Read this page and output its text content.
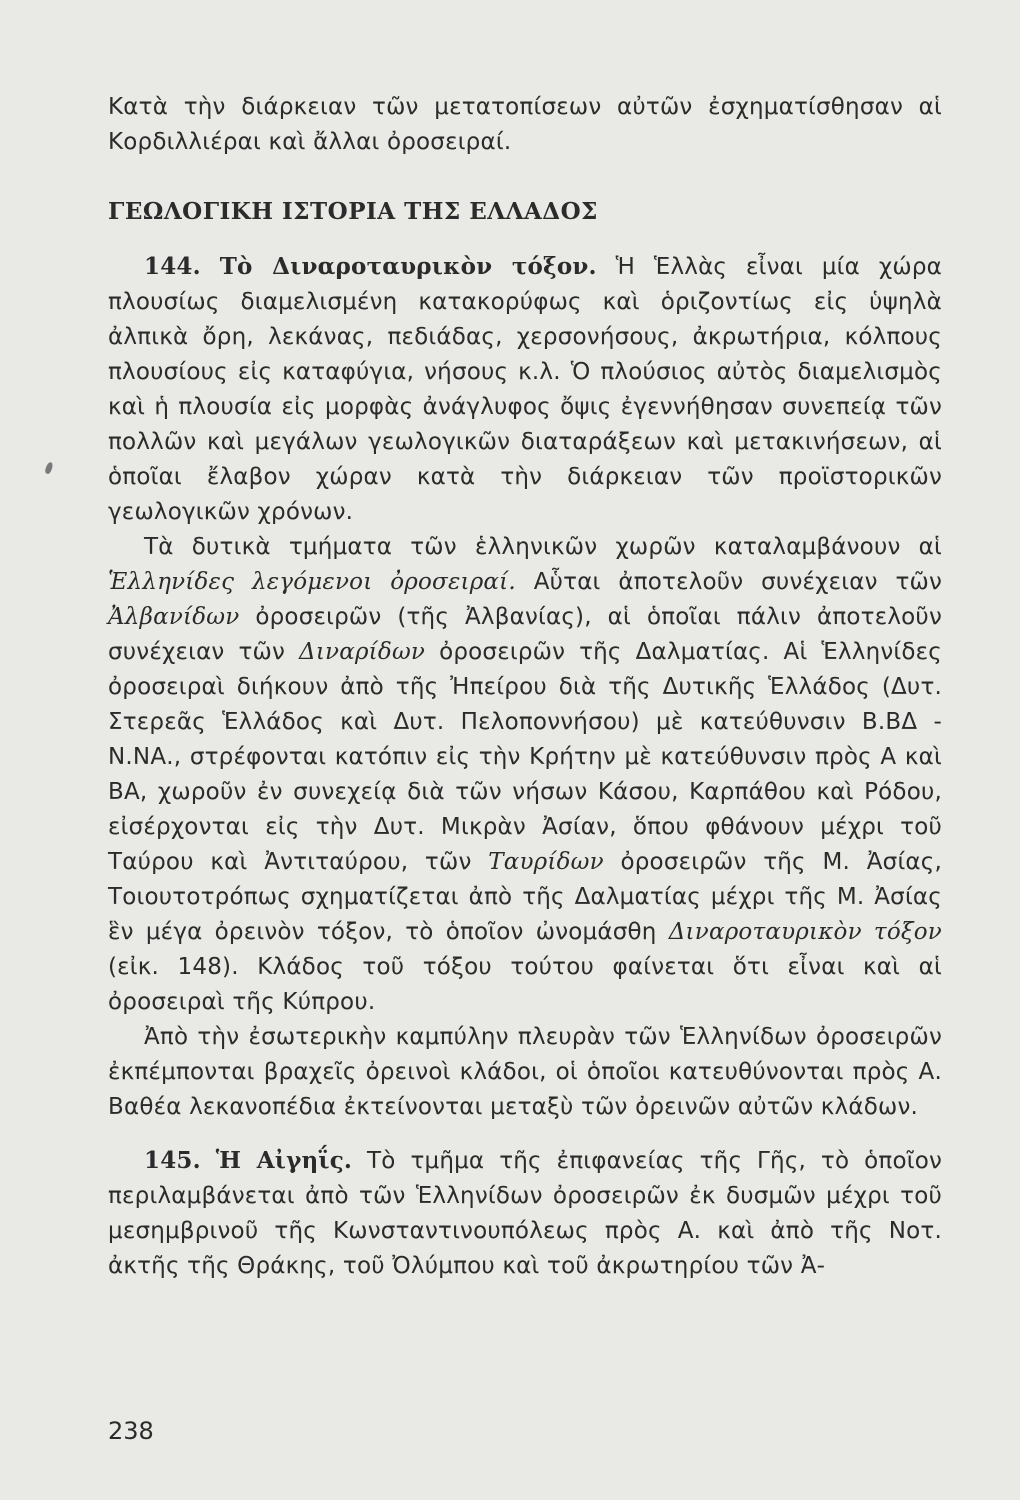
Κατὰ τὴν διάρκειαν τῶν μετατοπίσεων αὐτῶν ἐσχηματίσθησαν αἱ Κορδιλλιέραι καὶ ἄλλαι ὀροσειραί.

ΓΕΩΛΟΓΙΚΗ ΙΣΤΟΡΙΑ ΤΗΣ ΕΛΛΑΔΟΣ

144. Τὸ Διναροταυρικὸν τόξον. Ἡ Ἑλλὰς εἶναι μία χώρα πλουσίως διαμελισμένη κατακορύφως καὶ ὁριζοντίως εἰς ὑψηλὰ ἀλπικὰ ὄρη, λεκάνας, πεδιάδας, χερσονήσους, ἀκρωτήρια, κόλπους πλουσίους εἰς καταφύγια, νήσους κ.λ. Ὁ πλούσιος αὐτὸς διαμελισμὸς καὶ ἡ πλουσία εἰς μορφὰς ἀνάγλυφος ὄψις ἐγεννήθησαν συνεπείᾳ τῶν πολλῶν καὶ μεγάλων γεωλογικῶν διαταράξεων καὶ μετακινήσεων, αἱ ὁποῖαι ἔλαβον χώραν κατὰ τὴν διάρκειαν τῶν προϊστορικῶν γεωλογικῶν χρόνων.

Τὰ δυτικὰ τμήματα τῶν ἑλληνικῶν χωρῶν καταλαμβάνουν αἱ Ἑλληνίδες λεγόμενοι ὀροσειραί. Αὗται ἀποτελοῦν συνέχειαν τῶν Ἀλβανίδων ὀροσειρῶν (τῆς Ἀλβανίας), αἱ ὁποῖαι πάλιν ἀποτελοῦν συνέχειαν τῶν Διναρίδων ὀροσειρῶν τῆς Δαλματίας. Αἱ Ἑλληνίδες ὀροσειραὶ διήκουν ἀπὸ τῆς Ἠπείρου διὰ τῆς Δυτικῆς Ἑλλάδος (Δυτ. Στερεᾶς Ἑλλάδος καὶ Δυτ. Πελοποννήσου) μὲ κατεύθυνσιν Β.ΒΔ - Ν.ΝΑ., στρέφονται κατόπιν εἰς τὴν Κρήτην μὲ κατεύθυνσιν πρὸς Α καὶ ΒΑ, χωροῦν ἐν συνεχείᾳ διὰ τῶν νήσων Κάσου, Καρπάθου καὶ Ρόδου, εἰσέρχονται εἰς τὴν Δυτ. Μικρὰν Ἀσίαν, ὅπου φθάνουν μέχρι τοῦ Ταύρου καὶ Ἀντιταύρου, τῶν Ταυρίδων ὀροσειρῶν τῆς Μ. Ἀσίας, Τοιουτοτρόπως σχηματίζεται ἀπὸ τῆς Δαλματίας μέχρι τῆς Μ. Ἀσίας ἓν μέγα ὀρεινὸν τόξον, τὸ ὁποῖον ὠνομάσθη Διναροταυρικὸν τόξον (εἰκ. 148). Κλάδος τοῦ τόξου τούτου φαίνεται ὅτι εἶναι καὶ αἱ ὀροσειραὶ τῆς Κύπρου.

Ἀπὸ τὴν ἐσωτερικὴν καμπύλην πλευρὰν τῶν Ἑλληνίδων ὀροσειρῶν ἐκπέμπονται βραχεῖς ὀρεινοὶ κλάδοι, οἱ ὁποῖοι κατευθύνονται πρὸς Α. Βαθέα λεκανοπέδια ἐκτείνονται μεταξὺ τῶν ὀρεινῶν αὐτῶν κλάδων.

145. Ἡ Αἰγηΐς. Τὸ τμῆμα τῆς ἐπιφανείας τῆς Γῆς, τὸ ὁποῖον περιλαμβάνεται ἀπὸ τῶν Ἑλληνίδων ὀροσειρῶν ἐκ δυσμῶν μέχρι τοῦ μεσημβρινοῦ τῆς Κωνσταντινουπόλεως πρὸς Α. καὶ ἀπὸ τῆς Νοτ. ἀκτῆς τῆς Θράκης, τοῦ Ὀλύμπου καὶ τοῦ ἀκρωτηρίου τῶν Ἀ-

238
